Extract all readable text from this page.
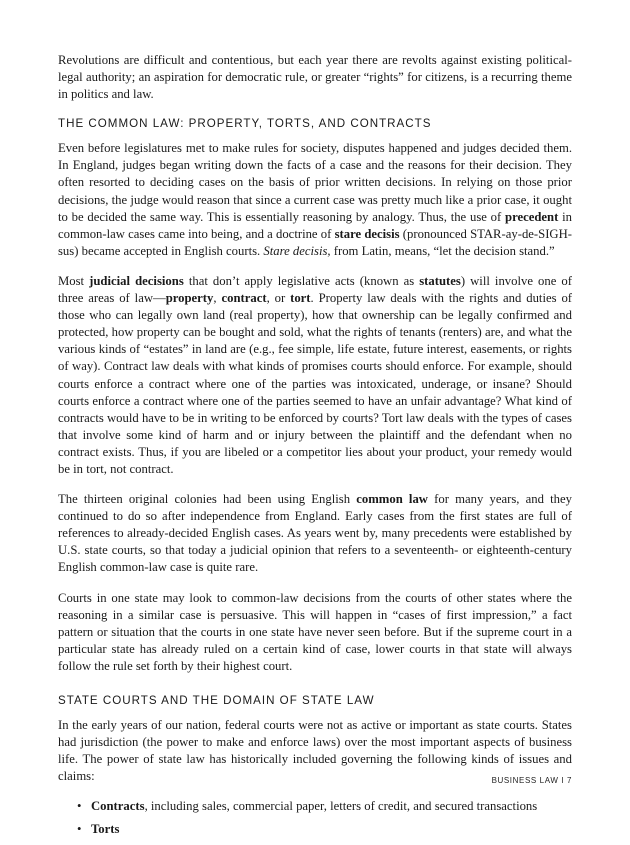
Revolutions are difficult and contentious, but each year there are revolts against existing political-legal authority; an aspiration for democratic rule, or greater “rights” for citizens, is a recurring theme in politics and law.

THE COMMON LAW: PROPERTY, TORTS, AND CONTRACTS

Even before legislatures met to make rules for society, disputes happened and judges decided them. In England, judges began writing down the facts of a case and the reasons for their decision. They often resorted to deciding cases on the basis of prior written decisions. In relying on those prior decisions, the judge would reason that since a current case was pretty much like a prior case, it ought to be decided the same way. This is essentially reasoning by analogy. Thus, the use of precedent in common-law cases came into being, and a doctrine of stare decisis (pronounced STAR-ay-de-SIGH-sus) became accepted in English courts. Stare decisis, from Latin, means, “let the decision stand.”

Most judicial decisions that don’t apply legislative acts (known as statutes) will involve one of three areas of law—property, contract, or tort. Property law deals with the rights and duties of those who can legally own land (real property), how that ownership can be legally confirmed and protected, how property can be bought and sold, what the rights of tenants (renters) are, and what the various kinds of “estates” in land are (e.g., fee simple, life estate, future interest, easements, or rights of way). Contract law deals with what kinds of promises courts should enforce. For example, should courts enforce a contract where one of the parties was intoxicated, underage, or insane? Should courts enforce a contract where one of the parties seemed to have an unfair advantage? What kind of contracts would have to be in writing to be enforced by courts? Tort law deals with the types of cases that involve some kind of harm and or injury between the plaintiff and the defendant when no contract exists. Thus, if you are libeled or a competitor lies about your product, your remedy would be in tort, not contract.

The thirteen original colonies had been using English common law for many years, and they continued to do so after independence from England. Early cases from the first states are full of references to already-decided English cases. As years went by, many precedents were established by U.S. state courts, so that today a judicial opinion that refers to a seventeenth- or eighteenth-century English common-law case is quite rare.

Courts in one state may look to common-law decisions from the courts of other states where the reasoning in a similar case is persuasive. This will happen in “cases of first impression,” a fact pattern or situation that the courts in one state have never seen before. But if the supreme court in a particular state has already ruled on a certain kind of case, lower courts in that state will always follow the rule set forth by their highest court.

STATE COURTS AND THE DOMAIN OF STATE LAW

In the early years of our nation, federal courts were not as active or important as state courts. States had jurisdiction (the power to make and enforce laws) over the most important aspects of business life. The power of state law has historically included governing the following kinds of issues and claims:

• Contracts, including sales, commercial paper, letters of credit, and secured transactions
• Torts
BUSINESS LAW I 7
